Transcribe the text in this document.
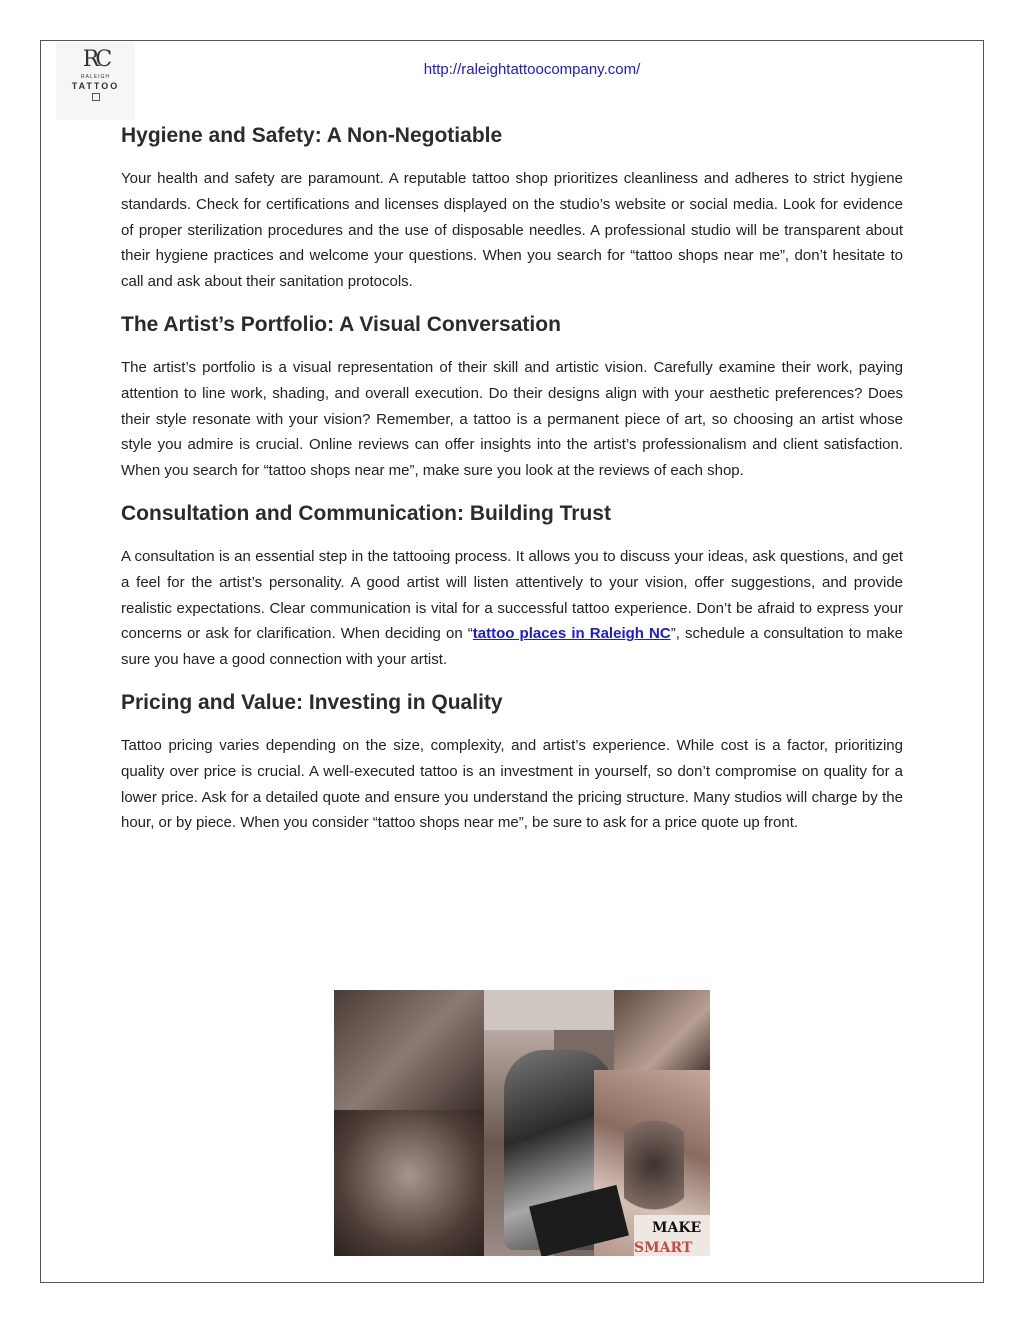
RC
RALEIGH
TATTOO
http://raleightattoocompany.com/
Hygiene and Safety: A Non-Negotiable

Your health and safety are paramount. A reputable tattoo shop prioritizes cleanliness and adheres to strict hygiene standards. Check for certifications and licenses displayed on the studio’s website or social media. Look for evidence of proper sterilization procedures and the use of disposable needles. A professional studio will be transparent about their hygiene practices and welcome your questions. When you search for “tattoo shops near me”, don’t hesitate to call and ask about their sanitation protocols.

The Artist’s Portfolio: A Visual Conversation

The artist’s portfolio is a visual representation of their skill and artistic vision. Carefully examine their work, paying attention to line work, shading, and overall execution. Do their designs align with your aesthetic preferences? Does their style resonate with your vision? Remember, a tattoo is a permanent piece of art, so choosing an artist whose style you admire is crucial. Online reviews can offer insights into the artist’s professionalism and client satisfaction. When you search for “tattoo shops near me”, make sure you look at the reviews of each shop.

Consultation and Communication: Building Trust

A consultation is an essential step in the tattooing process. It allows you to discuss your ideas, ask questions, and get a feel for the artist’s personality. A good artist will listen attentively to your vision, offer suggestions, and provide realistic expectations. Clear communication is vital for a successful tattoo experience. Don’t be afraid to express your concerns or ask for clarification. When deciding on “tattoo places in Raleigh NC”, schedule a consultation to make sure you have a good connection with your artist.

Pricing and Value: Investing in Quality

Tattoo pricing varies depending on the size, complexity, and artist’s experience. While cost is a factor, prioritizing quality over price is crucial. A well-executed tattoo is an investment in yourself, so don’t compromise on quality for a lower price. Ask for a detailed quote and ensure you understand the pricing structure. Many studios will charge by the hour, or by piece. When you consider “tattoo shops near me”, be sure to ask for a price quote up front.

MAKE
SMART
